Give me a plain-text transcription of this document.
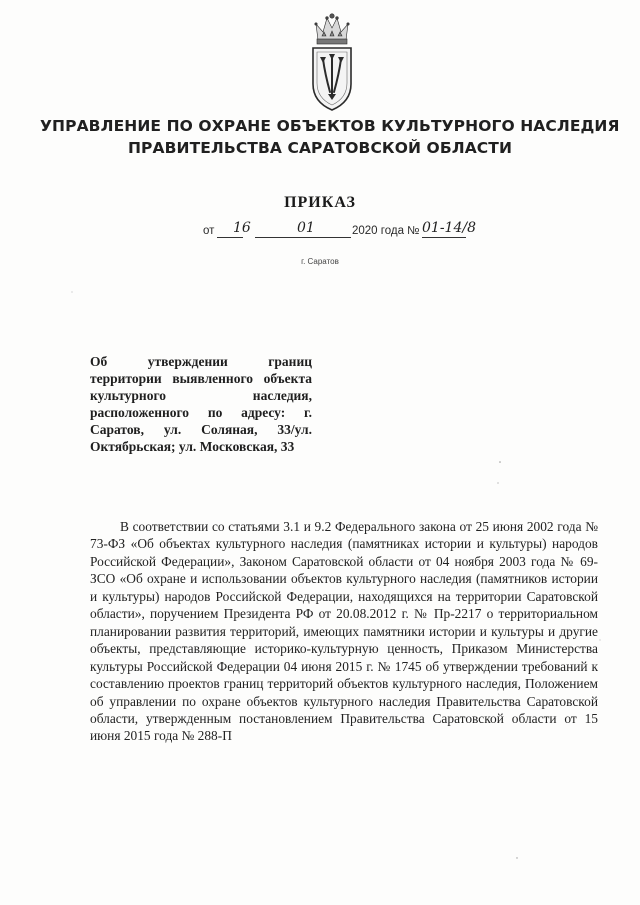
УПРАВЛЕНИЕ ПО ОХРАНЕ ОБЪЕКТОВ КУЛЬТУРНОГО НАСЛЕДИЯ
ПРАВИТЕЛЬСТВА САРАТОВСКОЙ ОБЛАСТИ
ПРИКАЗ
от 16	01	2020 года № 01-14/8
г. Саратов
Об утверждении границ территории выявленного объекта культурного наследия, расположенного по адресу: г. Саратов, ул. Соляная, 33/ул. Октябрьская; ул. Московская, 33
В соответствии со статьями 3.1 и 9.2 Федерального закона от 25 июня 2002 года № 73-ФЗ «Об объектах культурного наследия (памятниках истории и культуры) народов Российской Федерации», Законом Саратовской области от 04 ноября 2003 года № 69-ЗСО «Об охране и использовании объектов культурного наследия (памятников истории и культуры) народов Российской Федерации, находящихся на территории Саратовской области», поручением Президента РФ от 20.08.2012 г. № Пр-2217 о территориальном планировании развития территорий, имеющих памятники истории и культуры и другие объекты, представляющие историко-культурную ценность, Приказом Министерства культуры Российской Федерации 04 июня 2015 г. № 1745 об утверждении требований к составлению проектов границ территорий объектов культурного наследия, Положением об управлении по охране объектов культурного наследия Правительства Саратовской области, утвержденным постановлением Правительства Саратовской области от 15 июня 2015 года № 288-П
